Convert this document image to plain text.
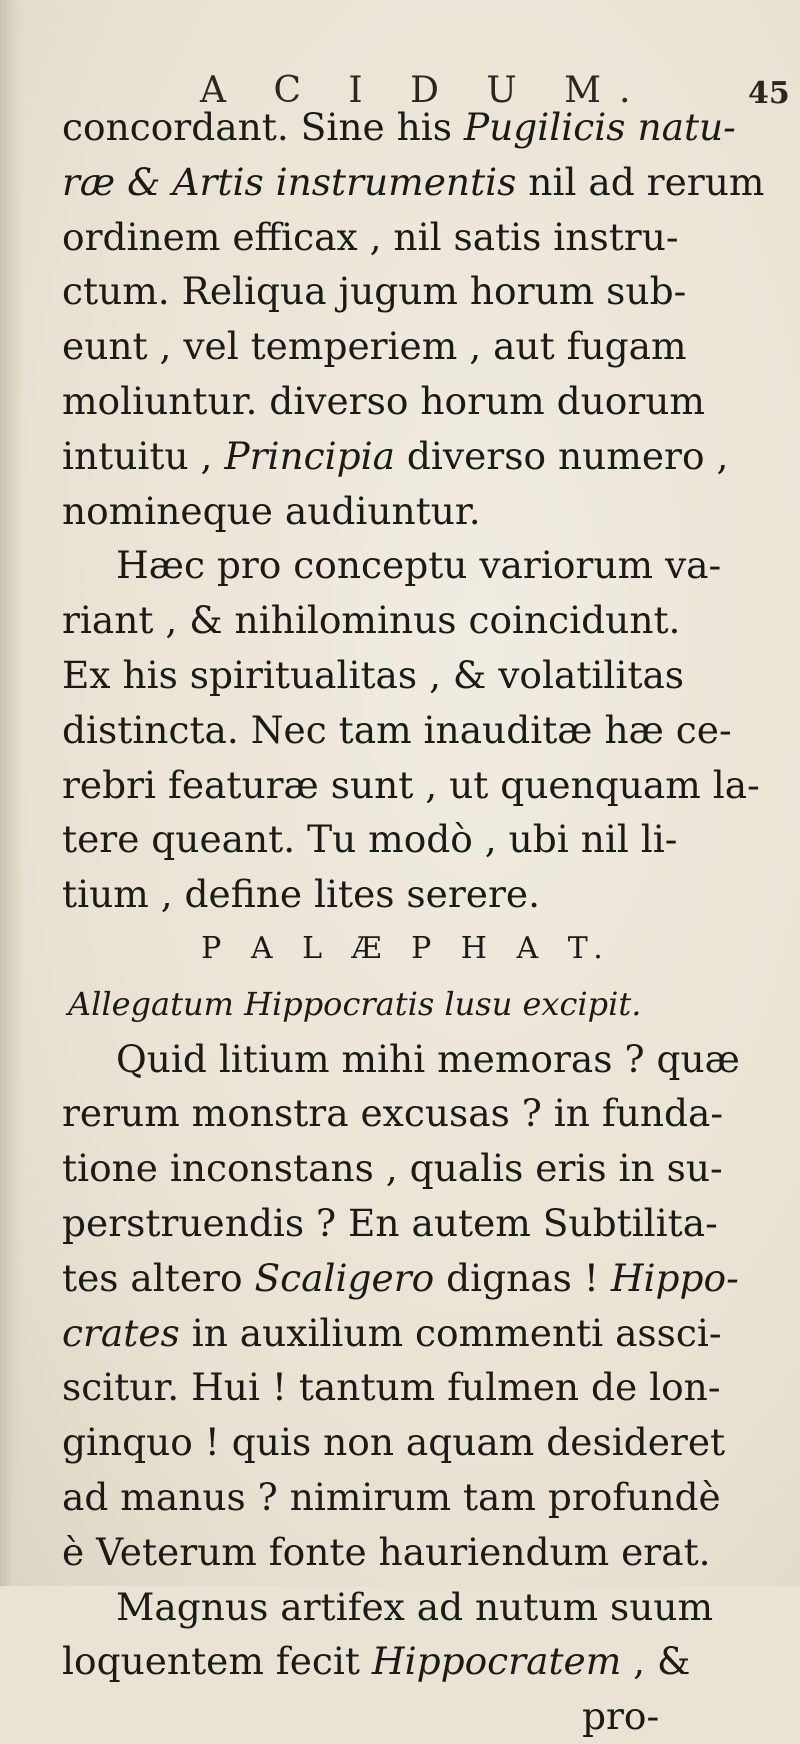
A C I D U M.	45
concordant. Sine his Pugilicis natu-
ræ & Artis instrumentis nil ad rerum
ordinem efficax , nil satis instru-
ctum. Reliqua jugum horum sub-
eunt , vel temperiem , aut fugam
moliuntur. diverso horum duorum
intuitu , Principia diverso numero ,
nomineque audiuntur.
Hæc pro conceptu variorum va-
riant , & nihilominus coincidunt.
Ex his spiritualitas , & volatilitas
distincta. Nec tam inauditæ hæ ce-
rebri featuræ sunt , ut quenquam la-
tere queant. Tu modò , ubi nil li-
tium , define lites serere.
P A L Æ P H A T.
Allegatum Hippocratis lusu excipit.
Quid litium mihi memoras ? quæ
rerum monstra excusas ? in funda-
tione inconstans , qualis eris in su-
perstruendis ? En autem Subtilita-
tes altero Scaligero dignas ! Hippo-
crates in auxilium commenti assci-
scitur. Hui ! tantum fulmen de lon-
ginquo ! quis non aquam desideret
ad manus ? nimirum tam profundè
è Veterum fonte hauriendum erat.
Magnus artifex ad nutum suum
loquentem fecit Hippocratem , &
pro-
